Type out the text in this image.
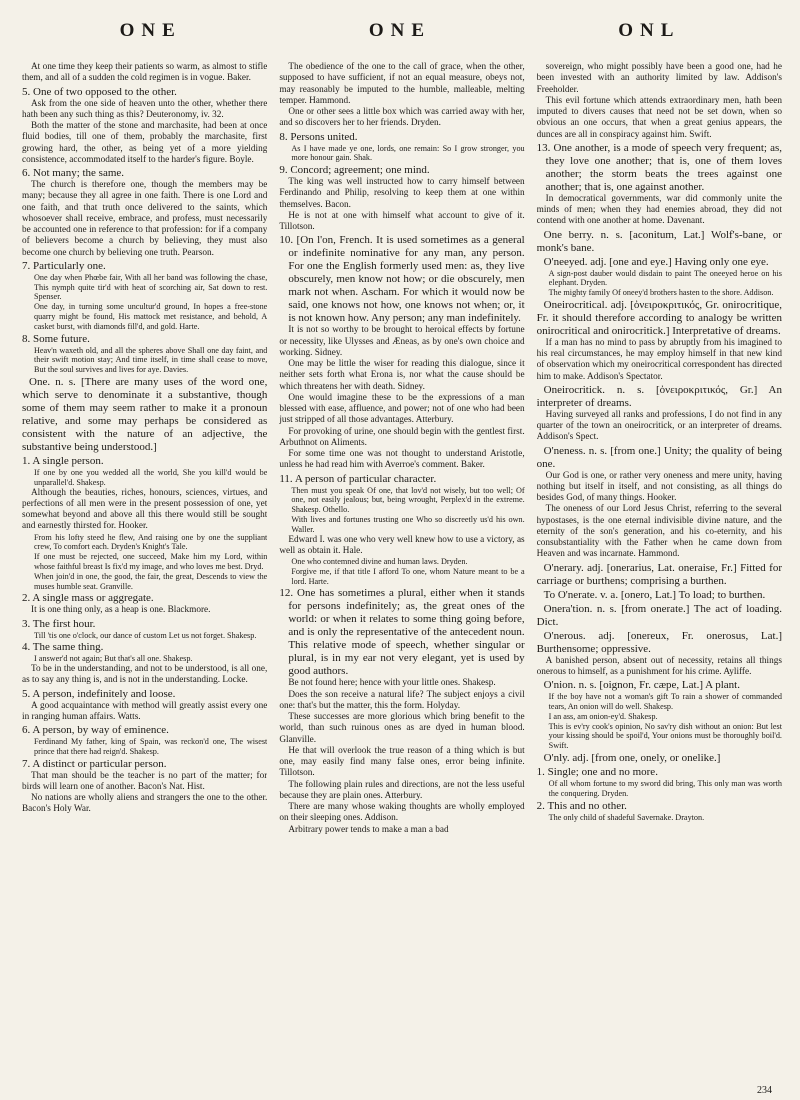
ONE	ONE	ONL

At one time they keep their patients so warm, as almost to stifle them, and all of a sudden the cold regimen is in vogue. Baker.

5. One of two opposed to the other.

Ask from the one side of heaven unto the other, whether there hath been any such thing as this? Deuteronomy, iv. 32.

Both the matter of the stone and marchasite, had been at once fluid bodies, till one of them, probably the marchasite, first growing hard, the other, as being yet of a more yielding consistence, accommodated itself to the harder's figure. Boyle.

6. Not many; the same.

The church is therefore one, though the members may be many; because they all agree in one faith. There is one Lord and one faith, and that truth once delivered to the saints, which whosoever shall receive, embrace, and profess, must necessarily be accounted one in reference to that profession: for if a company of believers become a church by believing, they must also become one church by believing one truth. Pearson.

7. Particularly one.

One day when Phœbe fair, With all her band was following the chase, This nymph quite tir'd with heat of scorching air, Sat down to rest. Spenser.

One day, in turning some uncultur'd ground, In hopes a free-stone quarry might be found, His mattock met resistance, and behold, A casket burst, with diamonds fill'd, and gold. Harte.

8. Some future.

Heav'n waxeth old, and all the spheres above Shall one day faint, and their swift motion stay; And time itself, in time shall cease to move, But the soul survives and lives for aye. Davies.

One. n. s. [There are many uses of the word one, which serve to denominate it a substantive, though some of them may seem rather to make it a pronoun relative, and some may perhaps be considered as consistent with the nature of an adjective, the substantive being understood.]

1. A single person.

If one by one you wedded all the world, She you kill'd would be unparallel'd. Shakesp.

Although the beauties, riches, honours, sciences, virtues, and perfections of all men were in the present possession of one, yet somewhat beyond and above all this there would still be sought and earnestly thirsted for. Hooker.

From his lofty steed he flew, And raising one by one the suppliant crew, To comfort each. Dryden's Knight's Tale.

If one must be rejected, one succeed, Make him my Lord, within whose faithful breast Is fix'd my image, and who loves me best. Dryd.

When join'd in one, the good, the fair, the great, Descends to view the muses humble seat. Granville.

2. A single mass or aggregate.

It is one thing only, as a heap is one. Blackmore.

3. The first hour.

Till 'tis one o'clock, our dance of custom Let us not forget. Shakesp.

4. The same thing.

I answer'd not again; But that's all one. Shakesp.

To be in the understanding, and not to be understood, is all one, as to say any thing is, and is not in the understanding. Locke.

5. A person, indefinitely and loose.

A good acquaintance with method will greatly assist every one in ranging human affairs. Watts.

6. A person, by way of eminence.

Ferdinand My father, king of Spain, was reckon'd one, The wisest prince that there had reign'd. Shakesp.

7. A distinct or particular person.

That man should be the teacher is no part of the matter; for birds will learn one of another. Bacon's Nat. Hist.

No nations are wholly aliens and strangers the one to the other. Bacon's Holy War.

The obedience of the one to the call of grace, when the other, supposed to have sufficient, if not an equal measure, obeys not, may reasonably be imputed to the humble, malleable, melting temper. Hammond.

One or other sees a little box which was carried away with her, and so discovers her to her friends. Dryden.

8. Persons united.

As I have made ye one, lords, one remain: So I grow stronger, you more honour gain. Shak.

9. Concord; agreement; one mind.

The king was well instructed how to carry himself between Ferdinando and Philip, resolving to keep them at one within themselves. Bacon.

He is not at one with himself what account to give of it. Tillotson.

10. [On l'on, French. It is used sometimes as a general or indefinite nominative for any man, any person. For one the English formerly used men: as, they live obscurely, men know not how; or die obscurely, men mark not when. Ascham. For which it would now be said, one knows not how, one knows not when; or, it is not known how. Any person; any man indefinitely.

It is not so worthy to be brought to heroical effects by fortune or necessity, like Ulysses and Æneas, as by one's own choice and working. Sidney.

One may be little the wiser for reading this dialogue, since it neither sets forth what Erona is, nor what the cause should be which threatens her with death. Sidney.

One would imagine these to be the expressions of a man blessed with ease, affluence, and power; not of one who had been just stripped of all those advantages. Atterbury.

For provoking of urine, one should begin with the gentlest first. Arbuthnot on Aliments.

For some time one was not thought to understand Aristotle, unless he had read him with Averroe's comment. Baker.

11. A person of particular character.

Then must you speak Of one, that lov'd not wisely, but too well; Of one, not easily jealous; but, being wrought, Perplex'd in the extreme. Shakesp. Othello.

With lives and fortunes trusting one Who so discreetly us'd his own. Waller.

Edward I. was one who very well knew how to use a victory, as well as obtain it. Hale.

One who contemned divine and human laws. Dryden.

Forgive me, if that title I afford To one, whom Nature meant to be a lord. Harte.

12. One has sometimes a plural, either when it stands for persons indefinitely; as, the great ones of the world: or when it relates to some thing going before, and is only the representative of the antecedent noun. This relative mode of speech, whether singular or plural, is in my ear not very elegant, yet is used by good authors.

Be not found here; hence with your little ones. Shakesp.

Does the son receive a natural life? The subject enjoys a civil one: that's but the matter, this the form. Holyday.

These successes are more glorious which bring benefit to the world, than such ruinous ones as are dyed in human blood. Glanville.

He that will overlook the true reason of a thing which is but one, may easily find many false ones, error being infinite. Tillotson.

The following plain rules and directions, are not the less useful because they are plain ones. Atterbury.

There are many whose waking thoughts are wholly employed on their sleeping ones. Addison.

Arbitrary power tends to make a man a bad

sovereign, who might possibly have been a good one, had he been invested with an authority limited by law. Addison's Freeholder.

This evil fortune which attends extraordinary men, hath been imputed to divers causes that need not be set down, when so obvious an one occurs, that when a great genius appears, the dunces are all in conspiracy against him. Swift.

13. One another, is a mode of speech very frequent; as, they love one another; that is, one of them loves another; the storm beats the trees against one another; that is, one against another.

In democratical governments, war did commonly unite the minds of men; when they had enemies abroad, they did not contend with one another at home. Davenant.

One berry. n. s. [aconitum, Lat.] Wolf's-bane, or monk's bane.

O'neeyed. adj. [one and eye.] Having only one eye.

A sign-post dauber would disdain to paint The oneeyed heroe on his elephant. Dryden.

The mighty family Of oneey'd brothers hasten to the shore. Addison.

Oneirocritical. adj. [ὀνειροκριτικός, Gr. onirocritique, Fr. it should therefore according to analogy be written onirocritical and onirocritick.] Interpretative of dreams.

If a man has no mind to pass by abruptly from his imagined to his real circumstances, he may employ himself in that new kind of observation which my oneirocritical correspondent has directed him to make. Addison's Spectator.

Oneirocritick. n. s. [ὀνειροκριτικός, Gr.] An interpreter of dreams.

Having surveyed all ranks and professions, I do not find in any quarter of the town an oneirocritick, or an interpreter of dreams. Addison's Spect.

O'neness. n. s. [from one.] Unity; the quality of being one.

Our God is one, or rather very oneness and mere unity, having nothing but itself in itself, and not consisting, as all things do besides God, of many things. Hooker.

The oneness of our Lord Jesus Christ, referring to the several hypostases, is the one eternal indivisible divine nature, and the eternity of the son's generation, and his co-eternity, and his consubstantiality with the Father when he came down from Heaven and was incarnate. Hammond.

O'nerary. adj. [onerarius, Lat. oneraise, Fr.] Fitted for carriage or burthens; comprising a burthen.

To O'nerate. v. a. [onero, Lat.] To load; to burthen.

Onera'tion. n. s. [from onerate.] The act of loading. Dict.

O'nerous. adj. [onereux, Fr. onerosus, Lat.] Burthensome; oppressive.

A banished person, absent out of necessity, retains all things onerous to himself, as a punishment for his crime. Ayliffe.

O'nion. n. s. [oignon, Fr. cæpe, Lat.] A plant.

If the boy have not a woman's gift To rain a shower of commanded tears, An onion will do well. Shakesp.

I an ass, am onion-ey'd. Shakesp.

This is ev'ry cook's opinion, No sav'ry dish without an onion: But lest your kissing should be spoil'd, Your onions must be thoroughly boil'd. Swift.

O'nly. adj. [from one, onely, or onelike.]

1. Single; one and no more.

Of all whom fortune to my sword did bring, This only man was worth the conquering. Dryden.

2. This and no other.

The only child of shadeful Savernake. Drayton.

234
